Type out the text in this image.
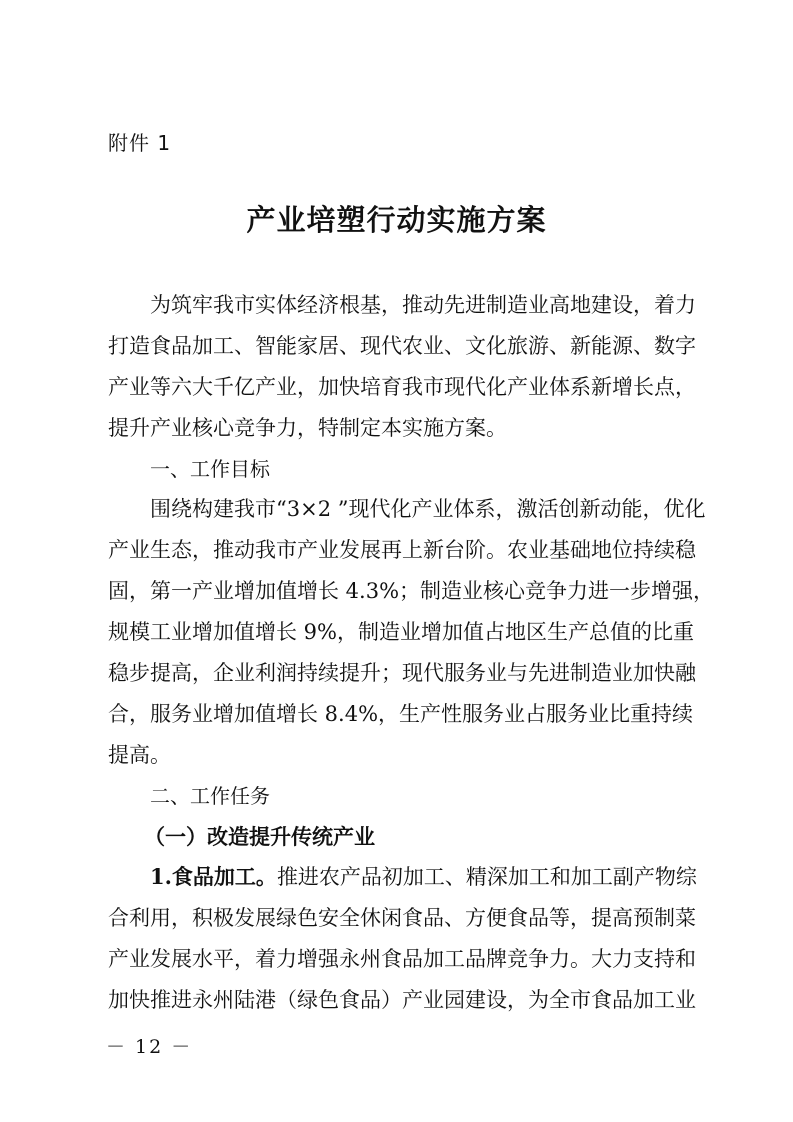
附件 1
产业培塑行动实施方案
为筑牢我市实体经济根基，推动先进制造业高地建设，着力
打造食品加工、智能家居、现代农业、文化旅游、新能源、数字
产业等六大千亿产业，加快培育我市现代化产业体系新增长点，
提升产业核心竞争力，特制定本实施方案。
一、工作目标
围绕构建我市“3×2 ”现代化产业体系，激活创新动能，优化
产业生态，推动我市产业发展再上新台阶。农业基础地位持续稳
固，第一产业增加值增长 4.3%；制造业核心竞争力进一步增强，
规模工业增加值增长 9%，制造业增加值占地区生产总值的比重
稳步提高，企业利润持续提升；现代服务业与先进制造业加快融
合，服务业增加值增长 8.4%，生产性服务业占服务业比重持续
提高。
二、工作任务
（一）改造提升传统产业
1.食品加工。推进农产品初加工、精深加工和加工副产物综
合利用，积极发展绿色安全休闲食品、方便食品等，提高预制菜
产业发展水平，着力增强永州食品加工品牌竞争力。大力支持和
加快推进永州陆港（绿色食品）产业园建设，为全市食品加工业
－ 12 －
